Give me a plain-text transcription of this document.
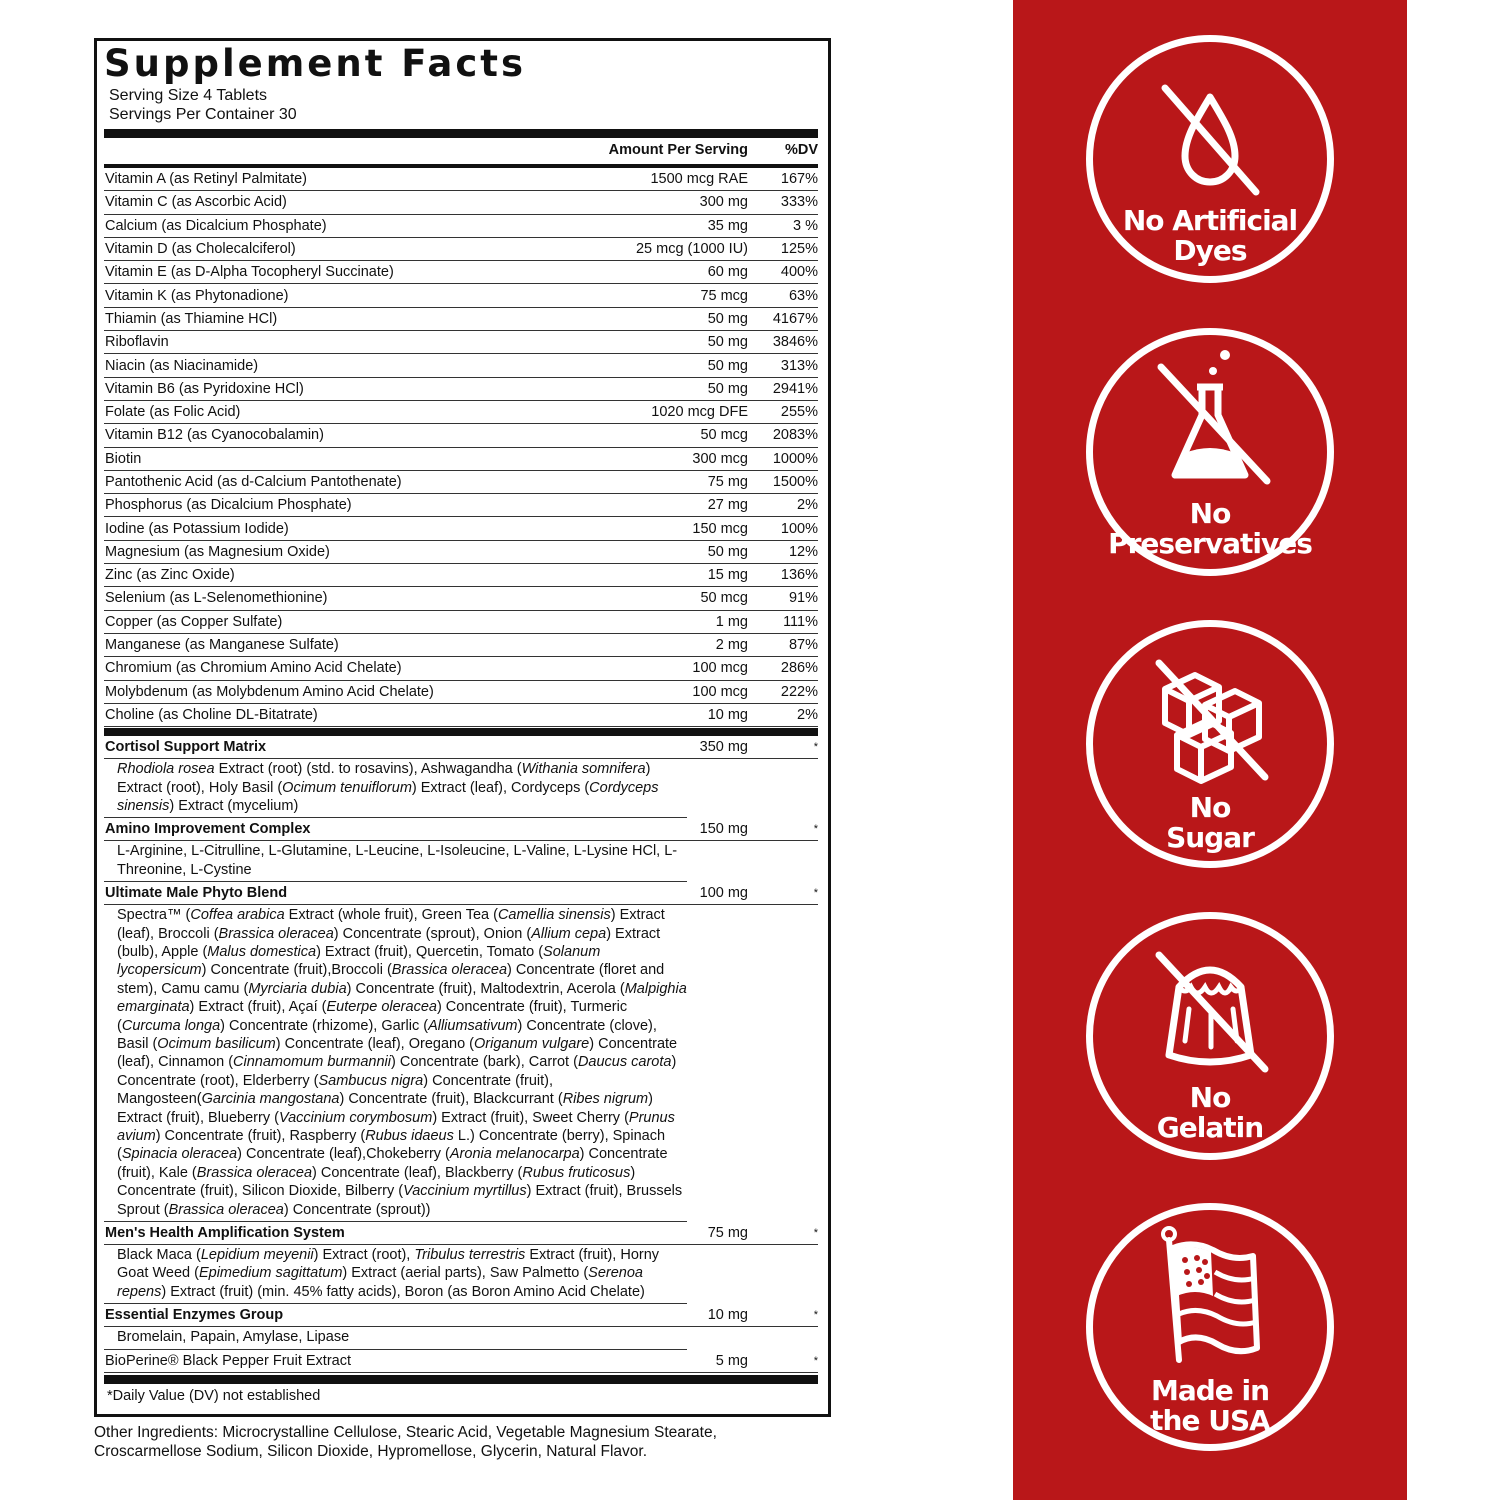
Supplement Facts
Serving Size 4 Tablets
Servings Per Container 30
Amount Per Serving	%DV
Vitamin A (as Retinyl Palmitate)	1500 mcg RAE	167%
Vitamin C (as Ascorbic Acid)	300 mg	333%
Calcium (as Dicalcium Phosphate)	35 mg	3 %
Vitamin D (as Cholecalciferol)	25 mcg (1000 IU)	125%
Vitamin E (as D-Alpha Tocopheryl Succinate)	60 mg	400%
Vitamin K (as Phytonadione)	75 mcg	63%
Thiamin (as Thiamine HCl)	50 mg	4167%
Riboflavin	50 mg	3846%
Niacin (as Niacinamide)	50 mg	313%
Vitamin B6 (as Pyridoxine HCl)	50 mg	2941%
Folate (as Folic Acid)	1020 mcg DFE	255%
Vitamin B12 (as Cyanocobalamin)	50 mcg	2083%
Biotin	300 mcg	1000%
Pantothenic Acid (as d-Calcium Pantothenate)	75 mg	1500%
Phosphorus (as Dicalcium Phosphate)	27 mg	2%
Iodine (as Potassium Iodide)	150 mcg	100%
Magnesium (as Magnesium Oxide)	50 mg	12%
Zinc (as Zinc Oxide)	15 mg	136%
Selenium (as L-Selenomethionine)	50 mcg	91%
Copper (as Copper Sulfate)	1 mg	111%
Manganese (as Manganese Sulfate)	2 mg	87%
Chromium (as Chromium Amino Acid Chelate)	100 mcg	286%
Molybdenum (as Molybdenum Amino Acid Chelate)	100 mcg	222%
Choline (as Choline DL-Bitatrate)	10 mg	2%
Cortisol Support Matrix	350 mg	*
Rhodiola rosea Extract (root) (std. to rosavins), Ashwagandha (Withania somnifera) Extract (root), Holy Basil (Ocimum tenuiflorum) Extract (leaf), Cordyceps (Cordyceps sinensis) Extract (mycelium)
Amino Improvement Complex	150 mg	*
L-Arginine, L-Citrulline, L-Glutamine, L-Leucine, L-Isoleucine, L-Valine, L-Lysine HCl, L-Threonine, L-Cystine
Ultimate Male Phyto Blend	100 mg	*
Spectra™ (Coffea arabica Extract (whole fruit), Green Tea (Camellia sinensis) Extract (leaf), Broccoli (Brassica oleracea) Concentrate (sprout), Onion (Allium cepa) Extract (bulb), Apple (Malus domestica) Extract (fruit), Quercetin, Tomato (Solanum lycopersicum) Concentrate (fruit),Broccoli (Brassica oleracea) Concentrate (floret and stem), Camu camu (Myrciaria dubia) Concentrate (fruit), Maltodextrin, Acerola (Malpighia emarginata) Extract (fruit), Açaí (Euterpe oleracea) Concentrate (fruit), Turmeric (Curcuma longa) Concentrate (rhizome), Garlic (Alliumsativum) Concentrate (clove), Basil (Ocimum basilicum) Concentrate (leaf), Oregano (Origanum vulgare) Concentrate (leaf), Cinnamon (Cinnamomum burmannii) Concentrate (bark), Carrot (Daucus carota) Concentrate (root), Elderberry (Sambucus nigra) Concentrate (fruit), Mangosteen(Garcinia mangostana) Concentrate (fruit), Blackcurrant (Ribes nigrum) Extract (fruit), Blueberry (Vaccinium corymbosum) Extract (fruit), Sweet Cherry (Prunus avium) Concentrate (fruit), Raspberry (Rubus idaeus L.) Concentrate (berry), Spinach (Spinacia oleracea) Concentrate (leaf),Chokeberry (Aronia melanocarpa) Concentrate (fruit), Kale (Brassica oleracea) Concentrate (leaf), Blackberry (Rubus fruticosus) Concentrate (fruit), Silicon Dioxide, Bilberry (Vaccinium myrtillus) Extract (fruit), Brussels Sprout (Brassica oleracea) Concentrate (sprout))
Men's Health Amplification System	75 mg	*
Black Maca (Lepidium meyenii) Extract (root), Tribulus terrestris Extract (fruit), Horny Goat Weed (Epimedium sagittatum) Extract (aerial parts), Saw Palmetto (Serenoa repens) Extract (fruit) (min. 45% fatty acids), Boron (as Boron Amino Acid Chelate)
Essential Enzymes Group	10 mg	*
Bromelain, Papain, Amylase, Lipase
BioPerine® Black Pepper Fruit Extract	5 mg	*
*Daily Value (DV) not established
Other Ingredients: Microcrystalline Cellulose, Stearic Acid, Vegetable Magnesium Stearate, Croscarmellose Sodium, Silicon Dioxide, Hypromellose, Glycerin, Natural Flavor.
No Artificial
Dyes
No
Preservatives
No
Sugar
No
Gelatin
Made in
the USA
